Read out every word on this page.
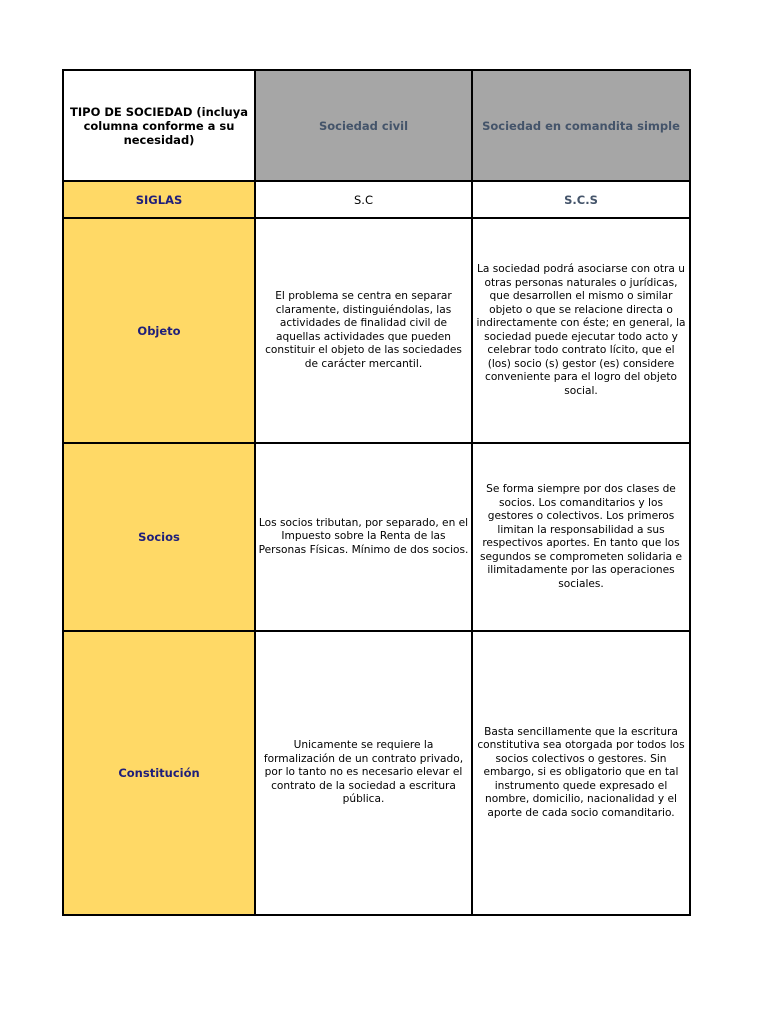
TIPO DE SOCIEDAD (incluya columna conforme a su necesidad)	Sociedad civil	Sociedad en comandita simple
SIGLAS	S.C	S.C.S
Objeto	El problema se centra en separar claramente, distinguiéndolas, las actividades de finalidad civil de aquellas actividades que pueden constituir el objeto de las sociedades de carácter mercantil.	La sociedad podrá asociarse con otra u otras personas naturales o jurídicas, que desarrollen el mismo o similar objeto o que se relacione directa o indirectamente con éste; en general, la sociedad puede ejecutar todo acto y celebrar todo contrato lícito, que el (los) socio (s) gestor (es) considere conveniente para el logro del objeto social.
Socios	Los socios tributan, por separado, en el Impuesto sobre la Renta de las Personas Físicas. Mínimo de dos socios.	Se forma siempre por dos clases de socios. Los comanditarios y los gestores o colectivos. Los primeros limitan la responsabilidad a sus respectivos aportes. En tanto que los segundos se comprometen solidaria e ilimitadamente por las operaciones sociales.
Constitución	Unicamente se requiere la formalización de un contrato privado, por lo tanto no es necesario elevar el contrato de la sociedad a escritura pública.	Basta sencillamente que la escritura constitutiva sea otorgada por todos los socios colectivos o gestores. Sin embargo, si es obligatorio que en tal instrumento quede expresado el nombre, domicilio, nacionalidad y el aporte de cada socio comanditario.
